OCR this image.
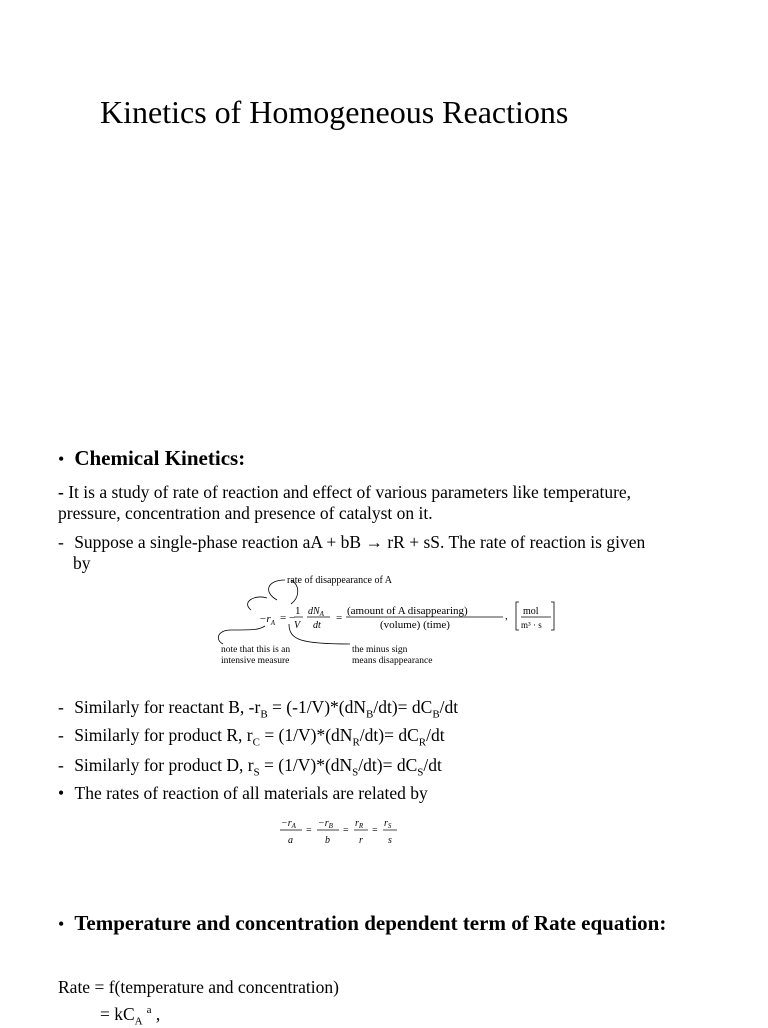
Kinetics of Homogeneous Reactions
• Chemical Kinetics:
- It is a study of rate of reaction and effect of various parameters like temperature,
pressure, concentration and presence of catalyst on it.
- Suppose a single-phase reaction aA + bB → rR + sS. The rate of reaction is given
by
rate of disappearance of A
$-r_A$ = −
1
V
$dN_A$
dt
=
(amount of A disappearing)
(volume) (time)
, mol
m³ · s
note that this is an
intensive measure
the minus sign
means disappearance
- Similarly for reactant B, $-r_B = (-1/V)*(dN_B/dt)= dC_B/dt$
- Similarly for product R, $r_C = (1/V)*(dN_R/dt)= dC_R/dt$
- Similarly for product D, $r_S = (1/V)*(dN_S/dt)= dC_S/dt$
• The rates of reaction of all materials are related by
$-r_A$
a
=
$-r_B$
b
=
$r_R$
r
=
$r_S$
s
• Temperature and concentration dependent term of Rate equation:
Rate = f(temperature and concentration)
= $kC_A^a$ ,
